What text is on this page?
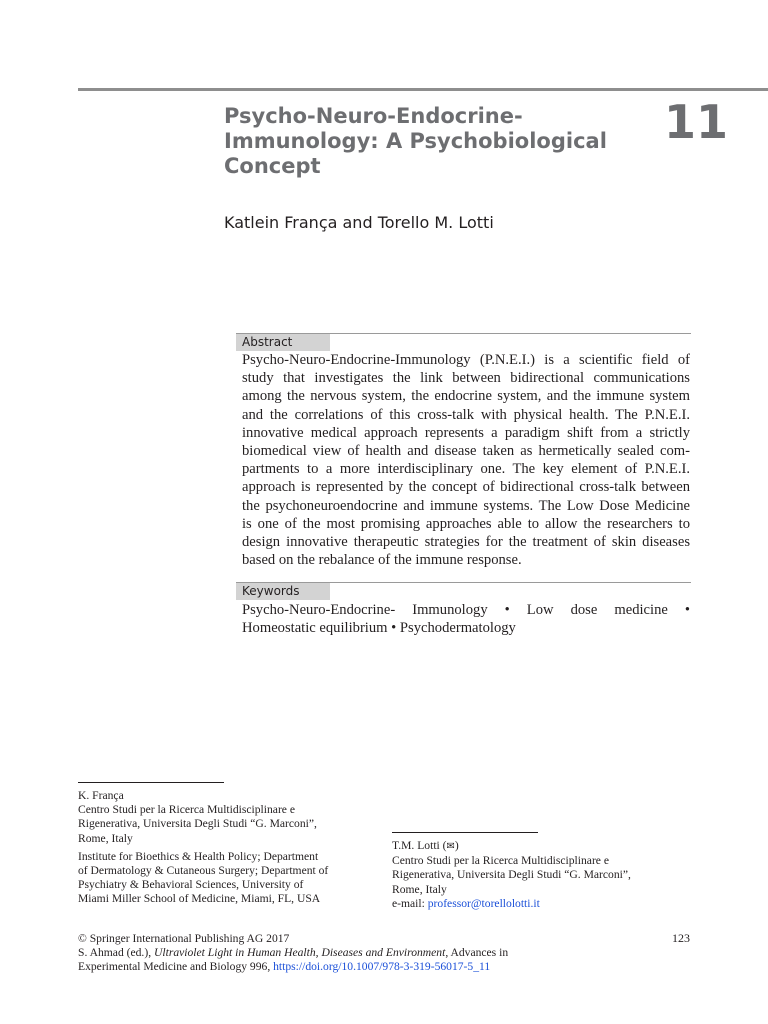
Psycho-Neuro-Endocrine-
Immunology: A Psychobiological
Concept
11
Katlein França and Torello M. Lotti
Abstract
Psycho-Neuro-Endocrine-Immunology (P.N.E.I.) is a scientific field of
study that investigates the link between bidirectional communications
among the nervous system, the endocrine system, and the immune system
and the correlations of this cross-talk with physical health. The P.N.E.I.
innovative medical approach represents a paradigm shift from a strictly
biomedical view of health and disease taken as hermetically sealed com-
partments to a more interdisciplinary one. The key element of P.N.E.I.
approach is represented by the concept of bidirectional cross-talk between
the psychoneuroendocrine and immune systems. The Low Dose Medicine
is one of the most promising approaches able to allow the researchers to
design innovative therapeutic strategies for the treatment of skin diseases
based on the rebalance of the immune response.
Keywords
Psycho-Neuro-Endocrine- Immunology • Low dose medicine •
Homeostatic equilibrium • Psychodermatology
K. França
Centro Studi per la Ricerca Multidisciplinare e
Rigenerativa, Universita Degli Studi “G. Marconi”,
Rome, Italy
Institute for Bioethics & Health Policy; Department
of Dermatology & Cutaneous Surgery; Department of
Psychiatry & Behavioral Sciences, University of
Miami Miller School of Medicine, Miami, FL, USA
T.M. Lotti (✉)
Centro Studi per la Ricerca Multidisciplinare e
Rigenerativa, Universita Degli Studi “G. Marconi”,
Rome, Italy
e-mail: professor@torellolotti.it
© Springer International Publishing AG 2017
S. Ahmad (ed.), Ultraviolet Light in Human Health, Diseases and Environment, Advances in
Experimental Medicine and Biology 996, https://doi.org/10.1007/978-3-319-56017-5_11
123
